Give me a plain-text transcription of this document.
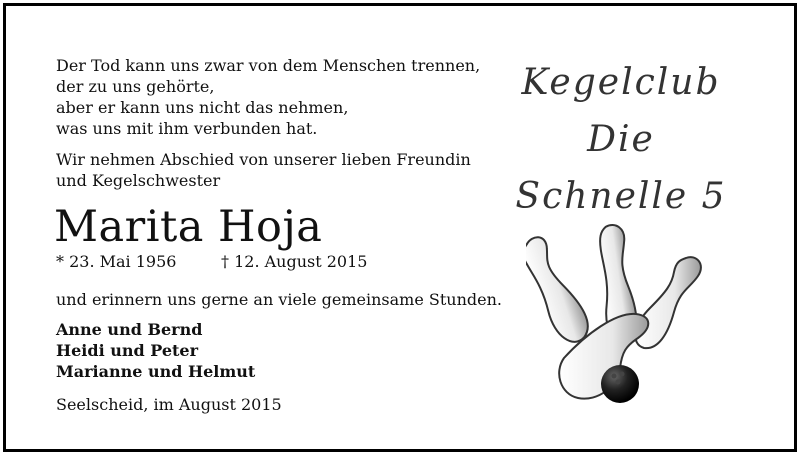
Der Tod kann uns zwar von dem Menschen trennen,
der zu uns gehörte,
aber er kann uns nicht das nehmen,
was uns mit ihm verbunden hat.
Wir nehmen Abschied von unserer lieben Freundin
und Kegelschwester
Marita Hoja
* 23. Mai 1956	† 12. August 2015
und erinnern uns gerne an viele gemeinsame Stunden.
Anne und Bernd
Heidi und Peter
Marianne und Helmut
Seelscheid, im August 2015
Kegelclub
Die
Schnelle 5
